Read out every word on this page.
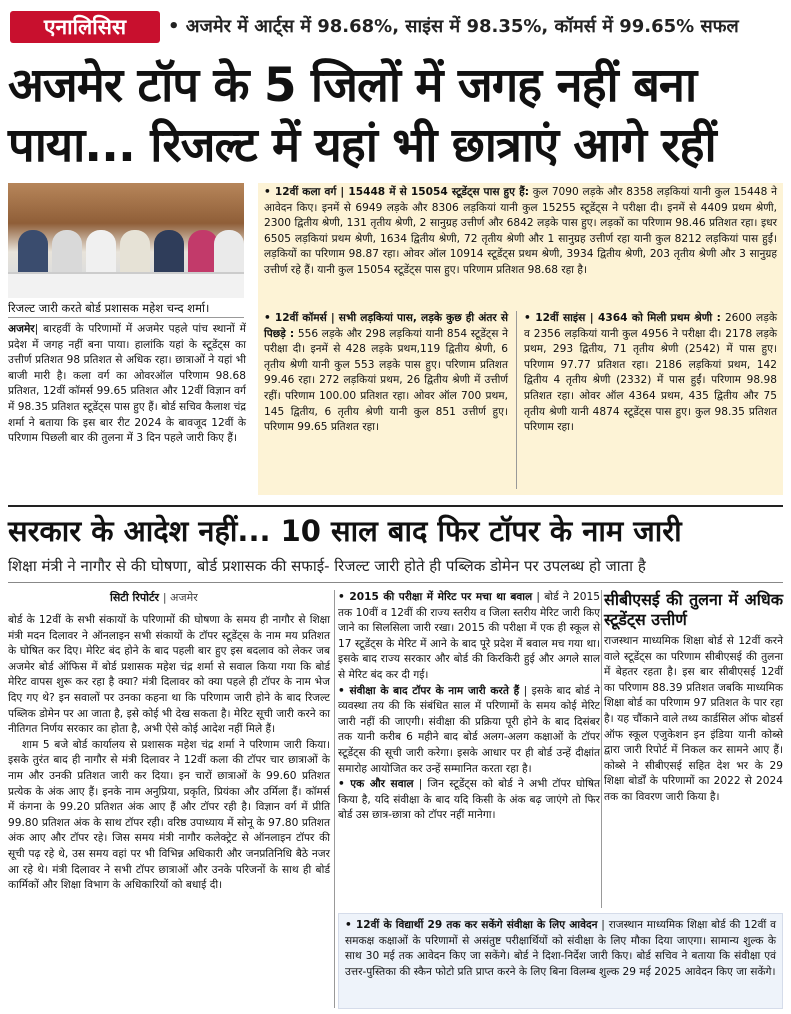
एनालिसिस	• अजमेर में आर्ट्स में 98.68%, साइंस में 98.35%, कॉमर्स में 99.65% सफल
अजमेर टॉप के 5 जिलों में जगह नहीं बना
पाया... रिजल्ट में यहां भी छात्राएं आगे रहीं
रिजल्ट जारी करते बोर्ड प्रशासक महेश चन्द शर्मा।
अजमेर| बारहवीं के परिणामों में अजमेर पहले पांच स्थानों में प्रदेश में जगह नहीं बना पाया। हालांकि यहां के स्टूडेंट्स का उत्तीर्ण प्रतिशत 98 प्रतिशत से अधिक रहा। छात्राओं ने यहां भी बाजी मारी है। कला वर्ग का ओवरऑल परिणाम 98.68 प्रतिशत, 12वीं कॉमर्स 99.65 प्रतिशत और 12वीं विज्ञान वर्ग में 98.35 प्रतिशत स्टूडेंट्स पास हुए हैं। बोर्ड सचिव कैलाश चंद्र शर्मा ने बताया कि इस बार रीट 2024 के बावजूद 12वीं के परिणाम पिछली बार की तुलना में 3 दिन पहले जारी किए हैं।
• 12वीं कला वर्ग | 15448 में से 15054 स्टूडेंट्स पास हुए हैं: कुल 7090 लड़के और 8358 लड़कियां यानी कुल 15448 ने आवेदन किए। इनमें से 6949 लड़के और 8306 लड़कियां यानी कुल 15255 स्टूडेंट्स ने परीक्षा दी। इनमें से 4409 प्रथम श्रेणी, 2300 द्वितीय श्रेणी, 131 तृतीय श्रेणी, 2 सानुग्रह उत्तीर्ण और 6842 लड़के पास हुए। लड़कों का परिणाम 98.46 प्रतिशत रहा। इधर 6505 लड़कियां प्रथम श्रेणी, 1634 द्वितीय श्रेणी, 72 तृतीय श्रेणी और 1 सानुग्रह उत्तीर्ण रहा यानी कुल 8212 लड़कियां पास हुईं। लड़कियों का परिणाम 98.87 रहा। ओवर ऑल 10914 स्टूडेंट्स प्रथम श्रेणी, 3934 द्वितीय श्रेणी, 203 तृतीय श्रेणी और 3 सानुग्रह उत्तीर्ण रहे हैं। यानी कुल 15054 स्टूडेंट्स पास हुए। परिणाम प्रतिशत 98.68 रहा है।
• 12वीं कॉमर्स | सभी लड़कियां पास, लड़के कुछ ही अंतर से पिछड़े : 556 लड़के और 298 लड़कियां यानी 854 स्टूडेंट्स ने परीक्षा दी। इनमें से 428 लड़के प्रथम,119 द्वितीय श्रेणी, 6 तृतीय श्रेणी यानी कुल 553 लड़के पास हुए। परिणाम प्रतिशत 99.46 रहा। 272 लड़कियां प्रथम, 26 द्वितीय श्रेणी में उत्तीर्ण रहीं। परिणाम 100.00 प्रतिशत रहा। ओवर ऑल 700 प्रथम, 145 द्वितीय, 6 तृतीय श्रेणी यानी कुल 851 उत्तीर्ण हुए। परिणाम 99.65 प्रतिशत रहा।
• 12वीं साइंस | 4364 को मिली प्रथम श्रेणी : 2600 लड़के व 2356 लड़कियां यानी कुल 4956 ने परीक्षा दी। 2178 लड़के प्रथम, 293 द्वितीय, 71 तृतीय श्रेणी (2542) में पास हुए। परिणाम 97.77 प्रतिशत रहा। 2186 लड़कियां प्रथम, 142 द्वितीय 4 तृतीय श्रेणी (2332) में पास हुईं। परिणाम 98.98 प्रतिशत रहा। ओवर ऑल 4364 प्रथम, 435 द्वितीय और 75 तृतीय श्रेणी यानी 4874 स्टूडेंट्स पास हुए। कुल 98.35 प्रतिशत परिणाम रहा।
सरकार के आदेश नहीं... 10 साल बाद फिर टॉपर के नाम जारी
शिक्षा मंत्री ने नागौर से की घोषणा, बोर्ड प्रशासक की सफाई- रिजल्ट जारी होते ही पब्लिक डोमेन पर उपलब्ध हो जाता है
सिटी रिपोर्टर | अजमेर
बोर्ड के 12वीं के सभी संकायों के परिणामों की घोषणा के समय ही नागौर से शिक्षा मंत्री मदन दिलावर ने ऑनलाइन सभी संकायों के टॉपर स्टूडेंट्स के नाम मय प्रतिशत के घोषित कर दिए। मेरिट बंद होने के बाद पहली बार हुए इस बदलाव को लेकर जब अजमेर बोर्ड ऑफिस में बोर्ड प्रशासक महेश चंद्र शर्मा से सवाल किया गया कि बोर्ड मेरिट वापस शुरू कर रहा है क्या? मंत्री दिलावर को क्या पहले ही टॉपर के नाम भेज दिए गए थे? इन सवालों पर उनका कहना था कि परिणाम जारी होने के बाद रिजल्ट पब्लिक डोमेन पर आ जाता है, इसे कोई भी देख सकता है। मेरिट सूची जारी करने का नीतिगत निर्णय सरकार का होता है, अभी ऐसे कोई आदेश नहीं मिले हैं।
शाम 5 बजे बोर्ड कार्यालय से प्रशासक महेश चंद्र शर्मा ने परिणाम जारी किया। इसके तुरंत बाद ही नागौर से मंत्री दिलावर ने 12वीं कला की टॉपर चार छात्राओं के नाम और उनकी प्रतिशत जारी कर दिया। इन चारों छात्राओं के 99.60 प्रतिशत प्रत्येक के अंक आए हैं। इनके नाम अनुप्रिया, प्रकृति, प्रियंका और उर्मिला हैं। कॉमर्स में कंगना के 99.20 प्रतिशत अंक आए हैं और टॉपर रही है। विज्ञान वर्ग में प्रीति 99.80 प्रतिशत अंक के साथ टॉपर रही। वरिष्ठ उपाध्याय में सोनू के 97.80 प्रतिशत अंक आए और टॉपर रहे। जिस समय मंत्री नागौर कलेक्ट्रेट से ऑनलाइन टॉपर की सूची पढ़ रहे थे, उस समय वहां पर भी विभिन्न अधिकारी और जनप्रतिनिधि बैठे नजर आ रहे थे। मंत्री दिलावर ने सभी टॉपर छात्राओं और उनके परिजनों के साथ ही बोर्ड कार्मिकों और शिक्षा विभाग के अधिकारियों को बधाई दी।
• 2015 की परीक्षा में मेरिट पर मचा था बवाल | बोर्ड ने 2015 तक 10वीं व 12वीं की राज्य स्तरीय व जिला स्तरीय मेरिट जारी किए जाने का सिलसिला जारी रखा। 2015 की परीक्षा में एक ही स्कूल से 17 स्टूडेंट्स के मेरिट में आने के बाद पूरे प्रदेश में बवाल मच गया था। इसके बाद राज्य सरकार और बोर्ड की किरकिरी हुई और अगले साल से मेरिट बंद कर दी गई।
• संवीक्षा के बाद टॉपर के नाम जारी करते हैं | इसके बाद बोर्ड ने व्यवस्था तय की कि संबंधित साल में परिणामों के समय कोई मेरिट जारी नहीं की जाएगी। संवीक्षा की प्रक्रिया पूरी होने के बाद दिसंबर तक यानी करीब 6 महीने बाद बोर्ड अलग-अलग कक्षाओं के टॉपर स्टूडेंट्स की सूची जारी करेगा। इसके आधार पर ही बोर्ड उन्हें दीक्षांत समारोह आयोजित कर उन्हें सम्मानित करता रहा है।
• एक और सवाल | जिन स्टूडेंट्स को बोर्ड ने अभी टॉपर घोषित किया है, यदि संवीक्षा के बाद यदि किसी के अंक बढ़ जाएंगे तो फिर बोर्ड उस छात्र-छात्रा को टॉपर नहीं मानेगा।
सीबीएसई की तुलना में अधिक स्टूडेंट्स उत्तीर्ण
राजस्थान माध्यमिक शिक्षा बोर्ड से 12वीं करने वाले स्टूडेंट्स का परिणाम सीबीएसई की तुलना में बेहतर रहता है। इस बार सीबीएसई 12वीं का परिणाम 88.39 प्रतिशत जबकि माध्यमिक शिक्षा बोर्ड का परिणाम 97 प्रतिशत के पार रहा है। यह चौंकाने वाले तथ्य कार्डसिल ऑफ बोडर्स ऑफ स्कूल एजुकेशन इन इंडिया यानी कोब्से द्वारा जारी रिपोर्ट में निकल कर सामने आए हैं। कोब्से ने सीबीएसई सहित देश भर के 29 शिक्षा बोर्डों के परिणामों का 2022 से 2024 तक का विवरण जारी किया है।
• 12वीं के विद्यार्थी 29 तक कर सकेंगे संवीक्षा के लिए आवेदन | राजस्थान माध्यमिक शिक्षा बोर्ड की 12वीं व समकक्ष कक्षाओं के परिणामों से असंतुष्ट परीक्षार्थियों को संवीक्षा के लिए मौका दिया जाएगा। सामान्य शुल्क के साथ 30 मई तक आवेदन किए जा सकेंगे। बोर्ड ने दिशा-निर्देश जारी किए। बोर्ड सचिव ने बताया कि संवीक्षा एवं उत्तर-पुस्तिका की स्कैन फोटो प्रति प्राप्त करने के लिए बिना विलम्ब शुल्क 29 मई 2025 आवेदन किए जा सकेंगे।
